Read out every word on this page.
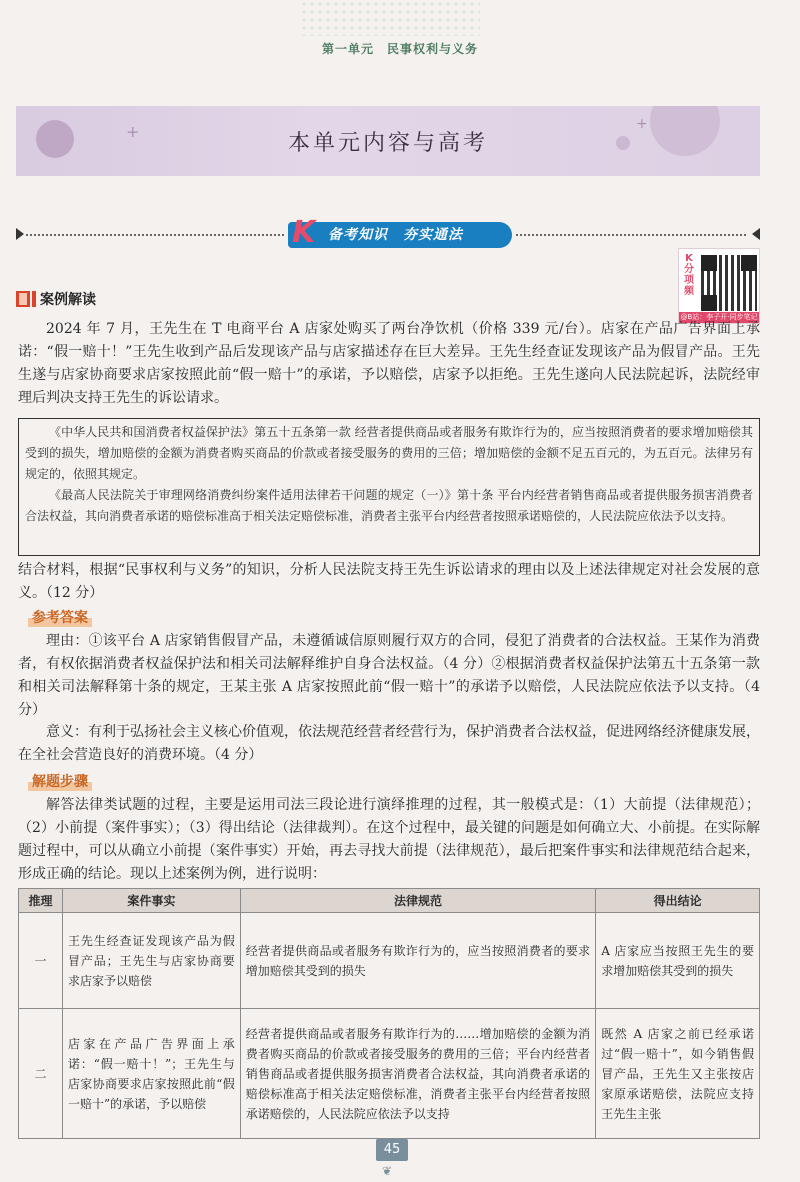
第一单元　民事权利与义务
+	+
本单元内容与高考
K 备考知识　夯实通法
K分项频
@B站：李子开·同步笔记
案例解读
2024 年 7 月，王先生在 T 电商平台 A 店家处购买了两台净饮机（价格 339 元/台）。店家在产品广告界面上承诺：“假一赔十！”王先生收到产品后发现该产品与店家描述存在巨大差异。王先生经查证发现该产品为假冒产品。王先生遂与店家协商要求店家按照此前“假一赔十”的承诺，予以赔偿，店家予以拒绝。王先生遂向人民法院起诉，法院经审理后判决支持王先生的诉讼请求。

《中华人民共和国消费者权益保护法》第五十五条第一款 经营者提供商品或者服务有欺诈行为的，应当按照消费者的要求增加赔偿其受到的损失，增加赔偿的金额为消费者购买商品的价款或者接受服务的费用的三倍；增加赔偿的金额不足五百元的，为五百元。法律另有规定的，依照其规定。

《最高人民法院关于审理网络消费纠纷案件适用法律若干问题的规定（一）》第十条 平台内经营者销售商品或者提供服务损害消费者合法权益，其向消费者承诺的赔偿标准高于相关法定赔偿标准，消费者主张平台内经营者按照承诺赔偿的，人民法院应依法予以支持。

结合材料，根据“民事权利与义务”的知识，分析人民法院支持王先生诉讼请求的理由以及上述法律规定对社会发展的意义。（12 分）
参考答案
理由：①该平台 A 店家销售假冒产品，未遵循诚信原则履行双方的合同，侵犯了消费者的合法权益。王某作为消费者，有权依据消费者权益保护法和相关司法解释维护自身合法权益。（4 分）②根据消费者权益保护法第五十五条第一款和相关司法解释第十条的规定，王某主张 A 店家按照此前“假一赔十”的承诺予以赔偿，人民法院应依法予以支持。（4 分）
意义：有利于弘扬社会主义核心价值观，依法规范经营者经营行为，保护消费者合法权益，促进网络经济健康发展，在全社会营造良好的消费环境。（4 分）
解题步骤
解答法律类试题的过程，主要是运用司法三段论进行演绎推理的过程，其一般模式是：（1）大前提（法律规范）；（2）小前提（案件事实）；（3）得出结论（法律裁判）。在这个过程中，最关键的问题是如何确立大、小前提。在实际解题过程中，可以从确立小前提（案件事实）开始，再去寻找大前提（法律规范），最后把案件事实和法律规范结合起来，形成正确的结论。现以上述案例为例，进行说明：
推理	案件事实	法律规范	得出结论
一	王先生经查证发现该产品为假冒产品；王先生与店家协商要求店家予以赔偿	经营者提供商品或者服务有欺诈行为的，应当按照消费者的要求增加赔偿其受到的损失	A 店家应当按照王先生的要求增加赔偿其受到的损失
二	店家在产品广告界面上承诺：“假一赔十！”；王先生与店家协商要求店家按照此前“假一赔十”的承诺，予以赔偿	经营者提供商品或者服务有欺诈行为的……增加赔偿的金额为消费者购买商品的价款或者接受服务的费用的三倍；平台内经营者销售商品或者提供服务损害消费者合法权益，其向消费者承诺的赔偿标准高于相关法定赔偿标准，消费者主张平台内经营者按照承诺赔偿的，人民法院应依法予以支持	既然 A 店家之前已经承诺过“假一赔十”，如今销售假冒产品，王先生又主张按店家原承诺赔偿，法院应支持王先生主张
45
❦
